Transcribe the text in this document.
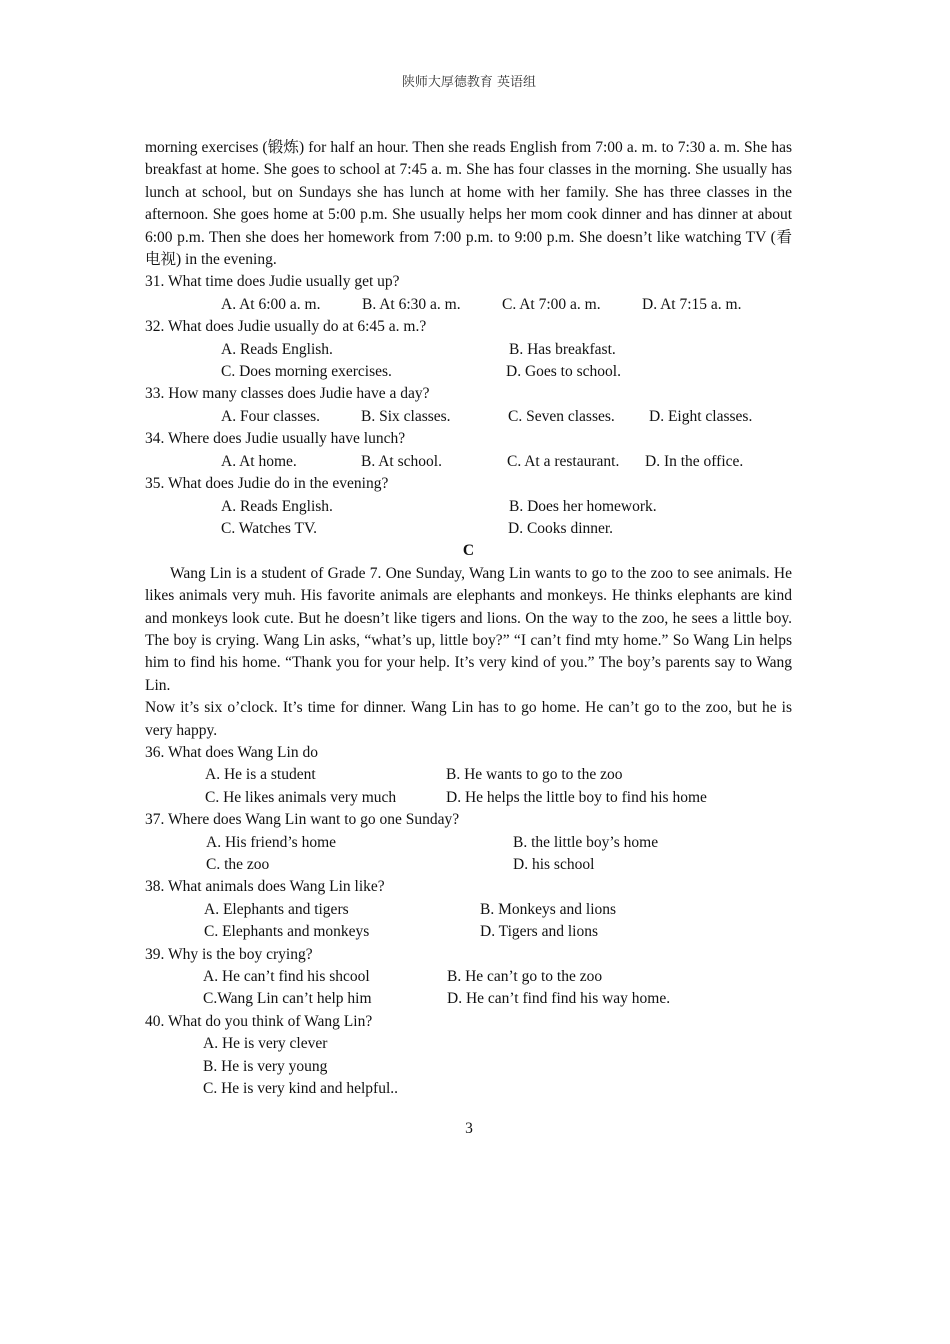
陕师大厚德教育 英语组

morning exercises (锻炼) for half an hour. Then she reads English from 7:00 a. m. to 7:30 a. m. She has breakfast at home. She goes to school at 7:45 a. m. She has four classes in the morning. She usually has lunch at school, but on Sundays she has lunch at home with her family. She has three classes in the afternoon. She goes home at 5:00 p.m. She usually helps her mom cook dinner and has dinner at about 6:00 p.m. Then she does her homework from 7:00 p.m. to 9:00 p.m. She doesn’t like watching TV (看电视) in the evening.

31. What time does Judie usually get up?

A. At 6:00 a. m.	B. At 6:30 a. m.	C. At 7:00 a. m.	D. At 7:15 a. m.

32. What does Judie usually do at 6:45 a. m.?

A. Reads English.	B. Has breakfast.
C. Does morning exercises.	D. Goes to school.

33. How many classes does Judie have a day?

A. Four classes.	B. Six classes.	C. Seven classes.	D. Eight classes.

34. Where does Judie usually have lunch?

A. At home.	B. At school.	C. At a restaurant.	D. In the office.

35. What does Judie do in the evening?

A. Reads English.	B. Does her homework.
C. Watches TV.	D. Cooks dinner.

C

Wang Lin is a student of Grade 7. One Sunday, Wang Lin wants to go to the zoo to see animals. He likes animals very muh. His favorite animals are elephants and monkeys. He thinks elephants are kind and monkeys look cute. But he doesn’t like tigers and lions. On the way to the zoo, he sees a little boy. The boy is crying. Wang Lin asks, “what’s up, little boy?” “I can’t find mty home.” So Wang Lin helps him to find his home. “Thank you for your help. It’s very kind of you.” The boy’s parents say to Wang Lin.

Now it’s six o’clock. It’s time for dinner. Wang Lin has to go home. He can’t go to the zoo, but he is very happy.

36. What does Wang Lin do

A. He is a student	B. He wants to go to the zoo
C. He likes animals very much	D. He helps the little boy to find his home

37. Where does Wang Lin want to go one Sunday?

A. His friend’s home	B. the little boy’s home
C. the zoo	D. his school

38. What animals does Wang Lin like?

A. Elephants and tigers	B. Monkeys and lions
C. Elephants and monkeys	D. Tigers and lions

39. Why is the boy crying?

A. He can’t find his shcool	B. He can’t go to the zoo
C.Wang Lin can’t help him	D. He can’t find find his way home.

40. What do you think of Wang Lin?

A. He is very clever
B. He is very young
C. He is very kind and helpful..
3
